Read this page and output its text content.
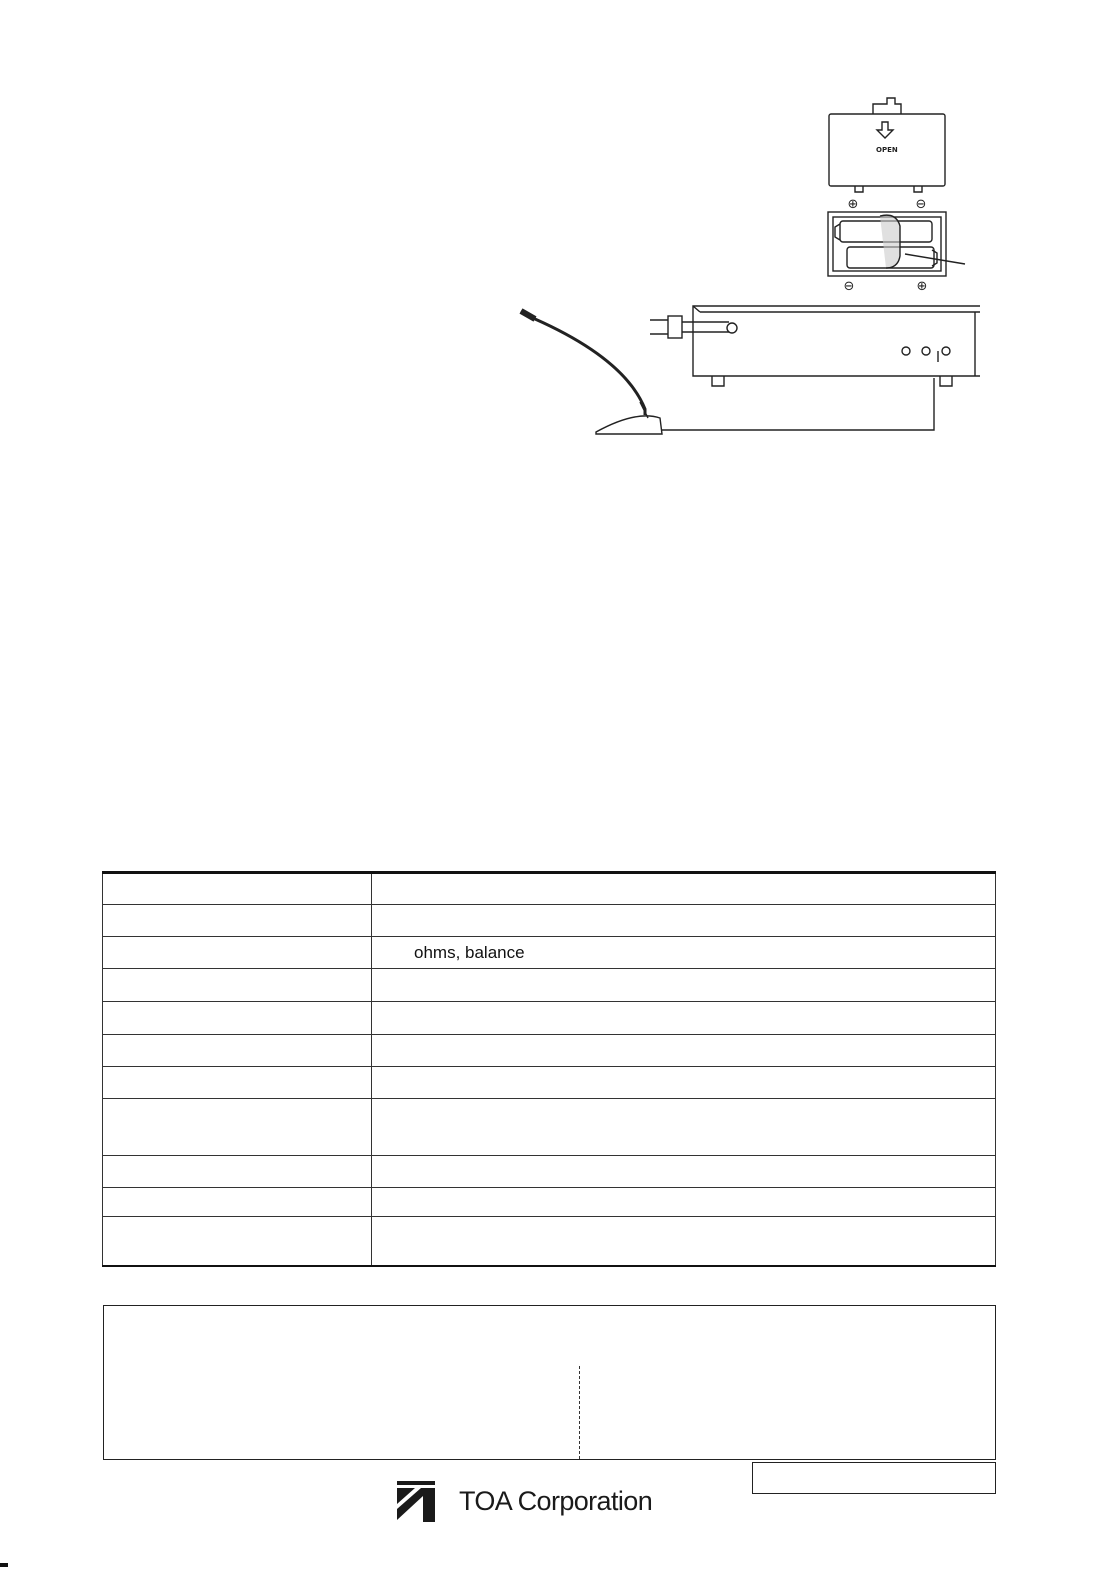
OPEN
⊕	⊖
⊖	⊕

	ohms, balance

TOA Corporation
